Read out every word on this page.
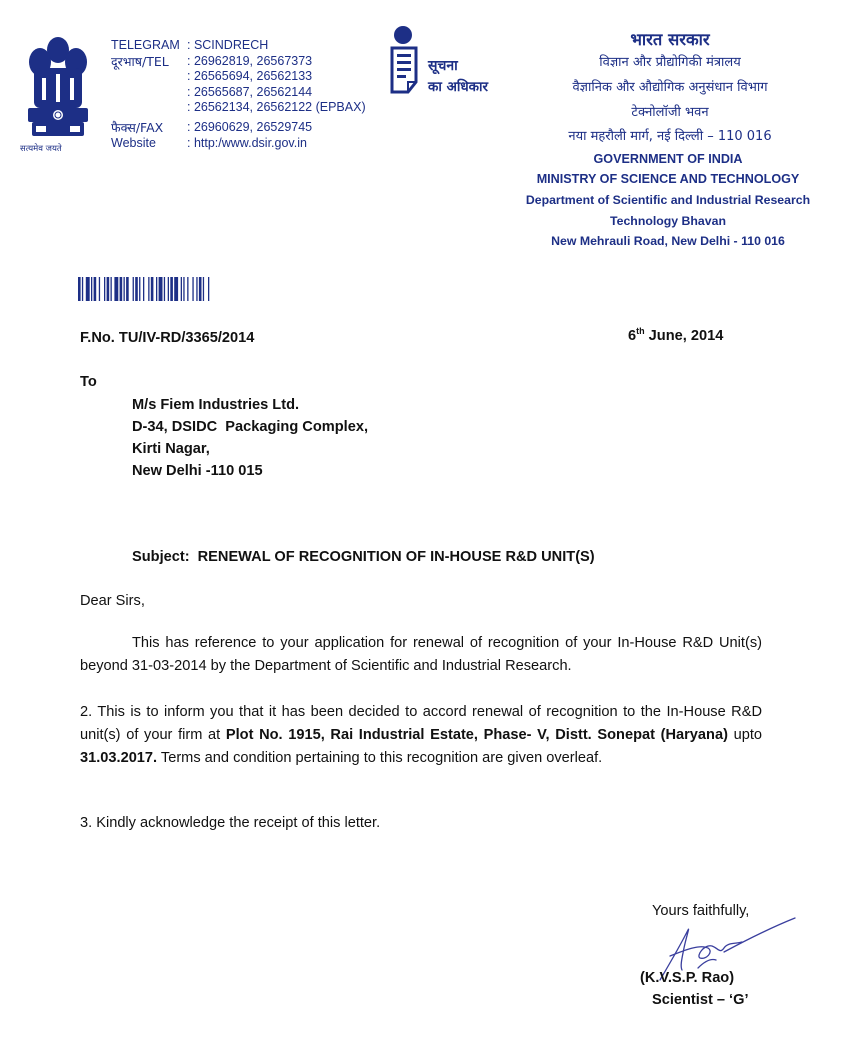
सत्यमेव जयते
TELEGRAM : SCINDRECH
दूरभाष/TEL : 26962819, 26567373
: 26565694, 26562133
: 26565687, 26562144
: 26562134, 26562122 (EPBAX)
फैक्स/FAX : 26960629, 26529745
Website : http:/www.dsir.gov.in
सूचना
का अधिकार
भारत सरकार
विज्ञान और प्रौद्योगिकी मंत्रालय
वैज्ञानिक और औद्योगिक अनुसंधान विभाग
टेक्नोलॉजी भवन
नया महरौली मार्ग, नई दिल्ली – 110 016
GOVERNMENT OF INDIA
MINISTRY OF SCIENCE AND TECHNOLOGY
Department of Scientific and Industrial Research
Technology Bhavan
New Mehrauli Road, New Delhi - 110 016
F.No. TU/IV-RD/3365/2014	6th June, 2014
To
M/s Fiem Industries Ltd.
D-34, DSIDC  Packaging Complex,
Kirti Nagar,
New Delhi -110 015
Subject: RENEWAL OF RECOGNITION OF IN-HOUSE R&D UNIT(S)
Dear Sirs,
This has reference to your application for renewal of recognition of your In-House R&D Unit(s) beyond 31-03-2014 by the Department of Scientific and Industrial Research.
2. This is to inform you that it has been decided to accord renewal of recognition to the In-House R&D unit(s) of your firm at Plot No. 1915, Rai Industrial Estate, Phase- V, Distt. Sonepat (Haryana) upto 31.03.2017. Terms and condition pertaining to this recognition are given overleaf.
3. Kindly acknowledge the receipt of this letter.
Yours faithfully,
(K.V.S.P. Rao)
Scientist – ‘G’
